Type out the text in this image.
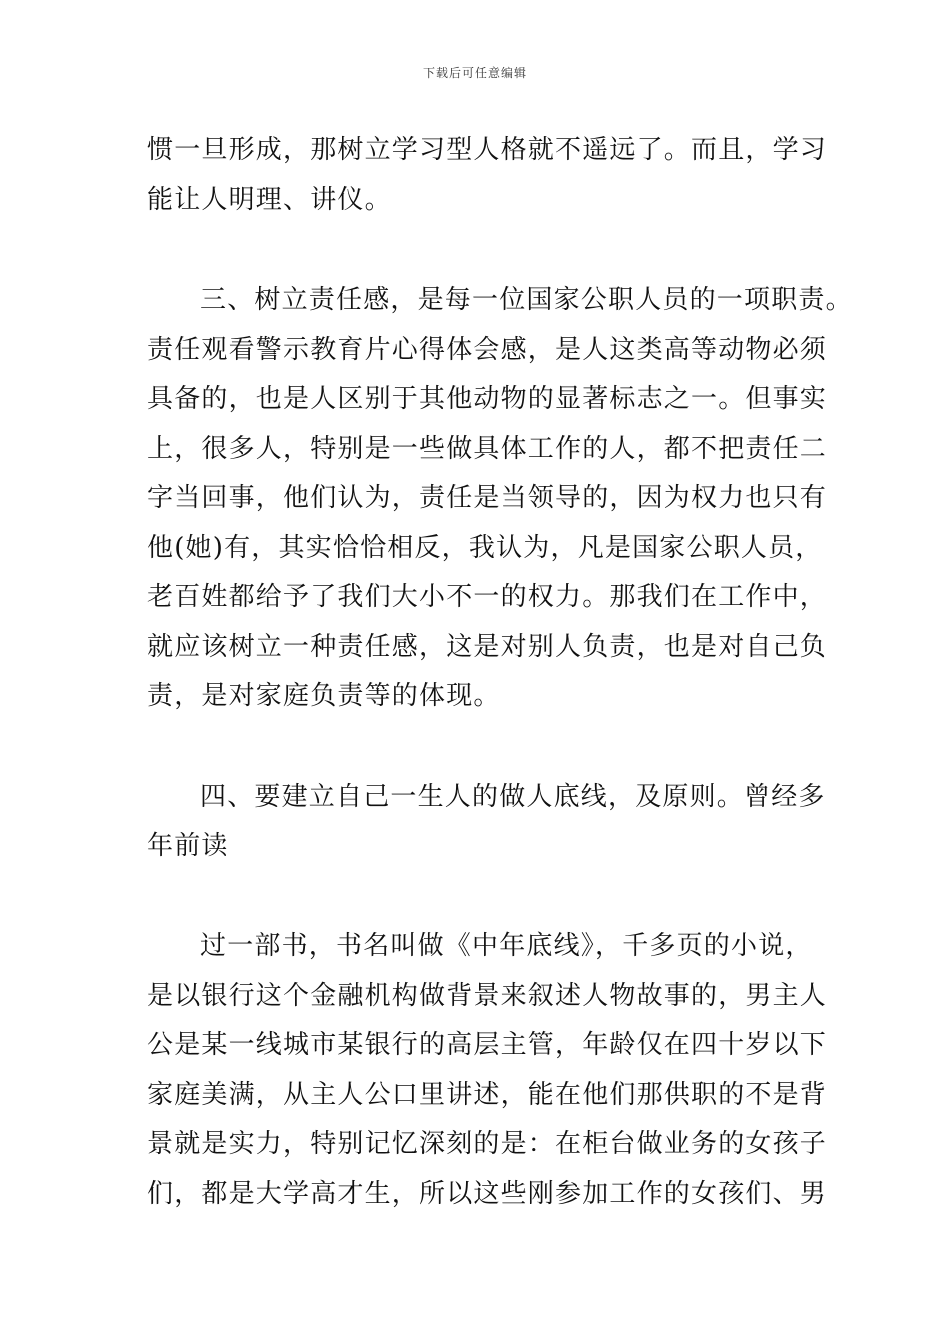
下载后可任意编辑
惯一旦形成，那树立学习型人格就不遥远了。而且，学习
能让人明理、讲仪。
三、树立责任感，是每一位国家公职人员的一项职责。
责任观看警示教育片心得体会感，是人这类高等动物必须
具备的，也是人区别于其他动物的显著标志之一。但事实
上，很多人，特别是一些做具体工作的人，都不把责任二
字当回事，他们认为，责任是当领导的，因为权力也只有
他(她)有，其实恰恰相反，我认为，凡是国家公职人员，
老百姓都给予了我们大小不一的权力。那我们在工作中，
就应该树立一种责任感，这是对别人负责，也是对自己负
责，是对家庭负责等的体现。
四、要建立自己一生人的做人底线，及原则。曾经多
年前读
过一部书，书名叫做《中年底线》，千多页的小说，
是以银行这个金融机构做背景来叙述人物故事的，男主人
公是某一线城市某银行的高层主管，年龄仅在四十岁以下
家庭美满，从主人公口里讲述，能在他们那供职的不是背
景就是实力，特别记忆深刻的是：在柜台做业务的女孩子
们，都是大学高才生，所以这些刚参加工作的女孩们、男
